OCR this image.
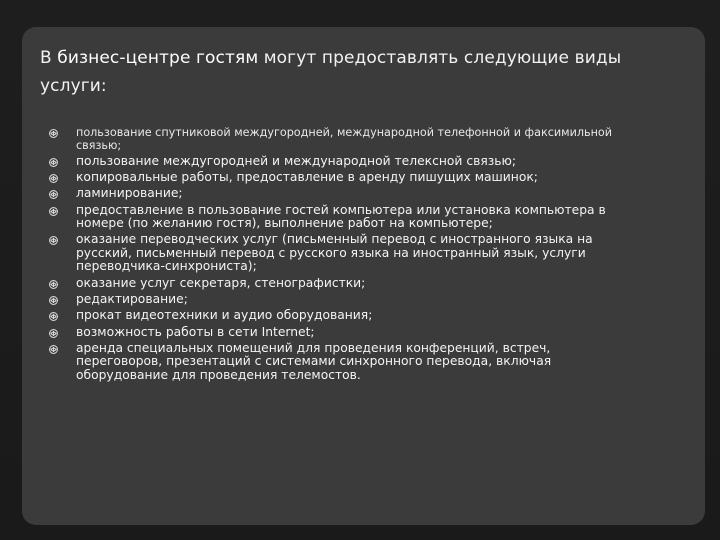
В бизнес-центре гостям могут предоставлять следующие виды услуги:
пользование спутниковой междугородней, международной телефонной и факсимильной связью;
пользование междугородней и международной телексной связью;
копировальные работы, предоставление в аренду пишущих машинок;
ламинирование;
предоставление в пользование гостей компьютера или установка компьютера в номере (по желанию гостя), выполнение работ на компьютере;
оказание переводческих услуг (письменный перевод с иностранного языка на русский, письменный перевод с русского языка на иностранный язык, услуги переводчика-синхрониста);
оказание услуг секретаря, стенографистки;
редактирование;
прокат видеотехники и аудио оборудования;
возможность работы в сети Internet;
аренда специальных помещений для проведения конференций, встреч, переговоров, презентаций с системами синхронного перевода, включая оборудование для проведения телемостов.
